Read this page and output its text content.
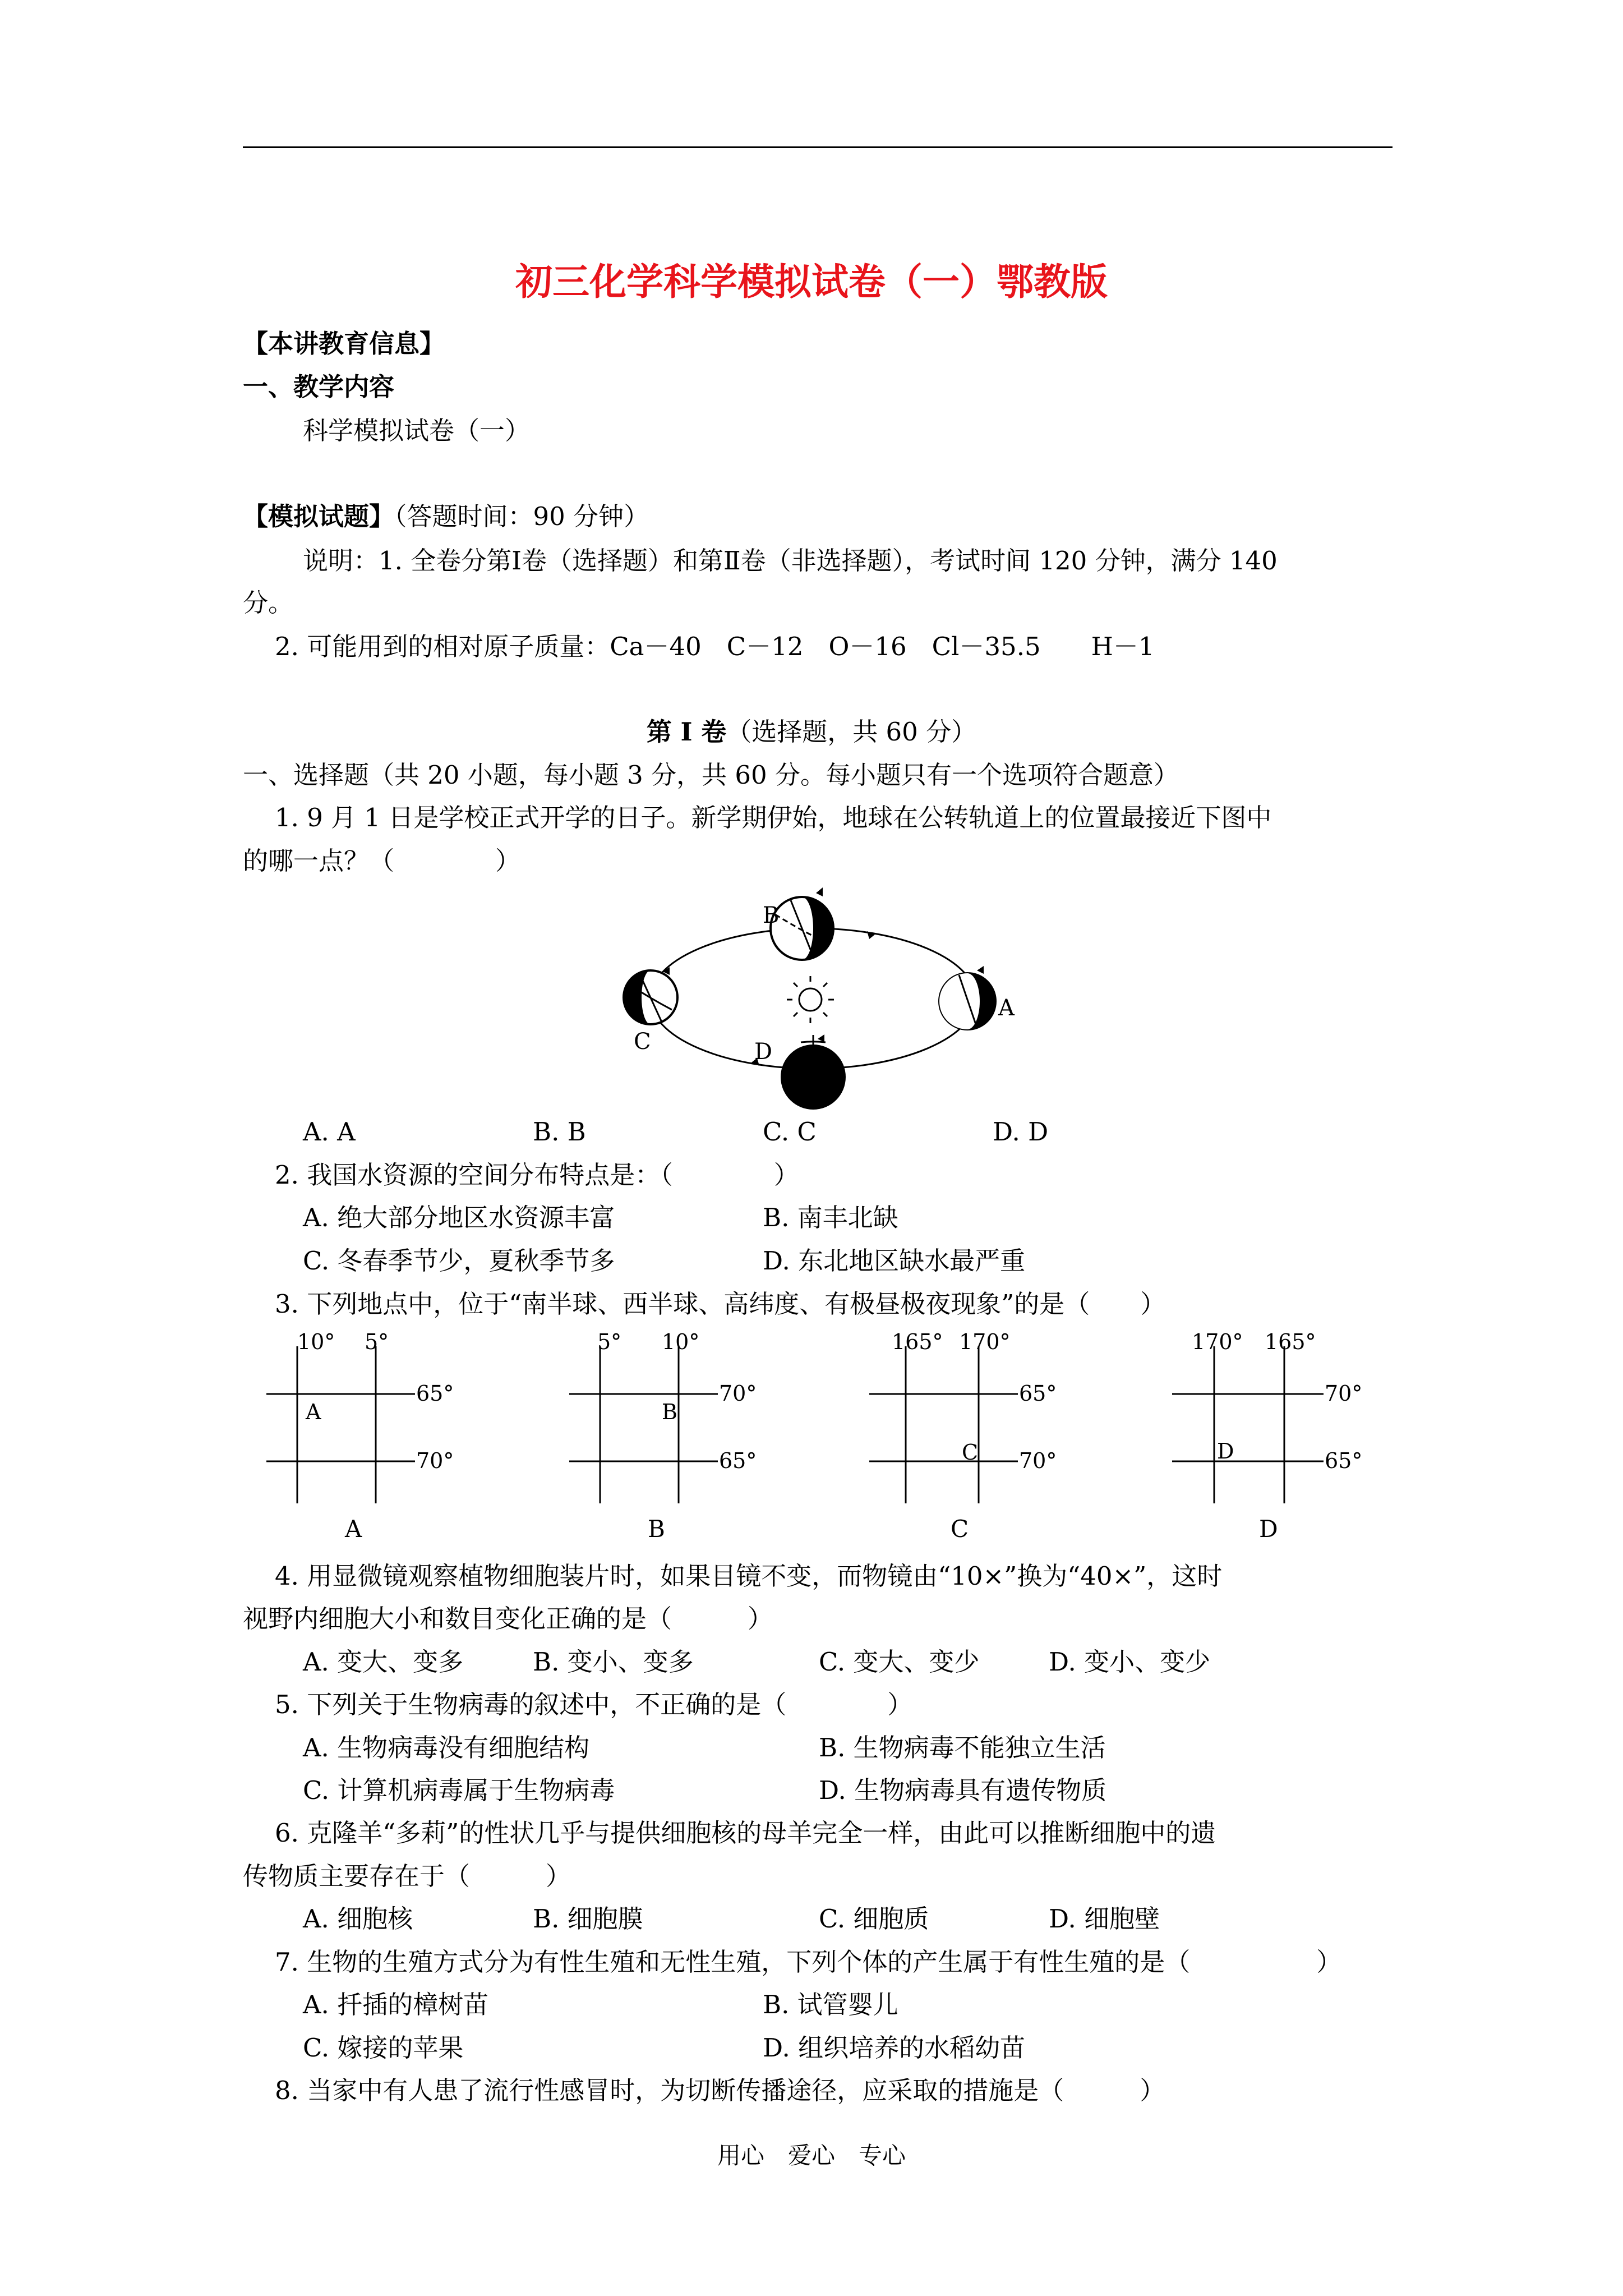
初三化学科学模拟试卷（一）鄂教版
【本讲教育信息】
一、教学内容
科学模拟试卷（一）
【模拟试题】（答题时间：90 分钟）
说明：1. 全卷分第Ⅰ卷（选择题）和第Ⅱ卷（非选择题），考试时间 120 分钟，满分 140
分。
2. 可能用到的相对原子质量：Ca－40　C－12　O－16　Cl－35.5　　H－1
第 Ⅰ 卷（选择题，共 60 分）
一、选择题（共 20 小题，每小题 3 分，共 60 分。每小题只有一个选项符合题意）
1. 9 月 1 日是学校正式开学的日子。新学期伊始，地球在公转轨道上的位置最接近下图中
的哪一点？（　　　　）
B
A
C	D
A. A	B. B	C. C	D. D
2. 我国水资源的空间分布特点是：（　　　　）
A. 绝大部分地区水资源丰富	B. 南丰北缺
C. 冬春季节少，夏秋季节多	D. 东北地区缺水最严重
3. 下列地点中，位于“南半球、西半球、高纬度、有极昼极夜现象”的是（　　）
10° 5°
65°
70°
A
A
5° 10°
70°
65°
B
B
165° 170°
65°
70°
C
C
170° 165°
70°
65°
D
D
4. 用显微镜观察植物细胞装片时，如果目镜不变，而物镜由“10×”换为“40×”，这时
视野内细胞大小和数目变化正确的是（　　　）
A. 变大、变多	B. 变小、变多	C. 变大、变少	D. 变小、变少
5. 下列关于生物病毒的叙述中，不正确的是（　　　　）
A. 生物病毒没有细胞结构	B. 生物病毒不能独立生活
C. 计算机病毒属于生物病毒	D. 生物病毒具有遗传物质
6. 克隆羊“多莉”的性状几乎与提供细胞核的母羊完全一样，由此可以推断细胞中的遗
传物质主要存在于（　　　）
A. 细胞核	B. 细胞膜	C. 细胞质	D. 细胞壁
7. 生物的生殖方式分为有性生殖和无性生殖，下列个体的产生属于有性生殖的是（　　　　　）
A. 扦插的樟树苗	B. 试管婴儿
C. 嫁接的苹果	D. 组织培养的水稻幼苗
8. 当家中有人患了流行性感冒时，为切断传播途径，应采取的措施是（　　　）
用心　爱心　专心
